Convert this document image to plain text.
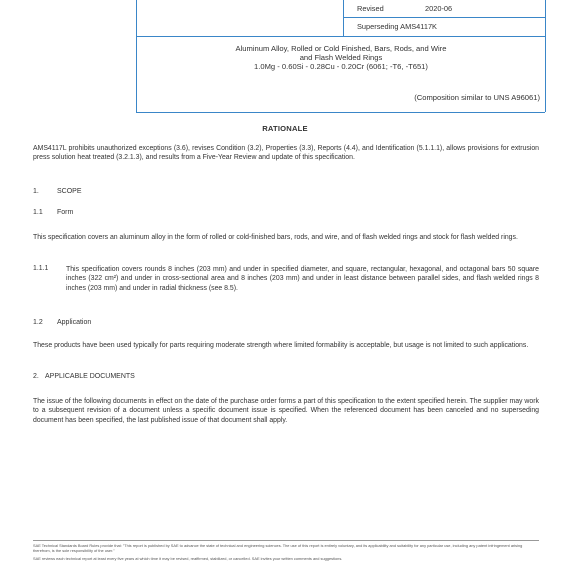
Revised	2020-06
Superseding AMS4117K
Aluminum Alloy, Rolled or Cold Finished, Bars, Rods, and Wire
and Flash Welded Rings
1.0Mg - 0.60Si - 0.28Cu - 0.20Cr (6061; -T6, -T651)
(Composition similar to UNS A96061)
RATIONALE
AMS4117L prohibits unauthorized exceptions (3.6), revises Condition (3.2), Properties (3.3), Reports (4.4), and Identification (5.1.1.1), allows provisions for extrusion press solution heat treated (3.2.1.3), and results from a Five-Year Review and update of this specification.
1.	SCOPE
1.1 Form
This specification covers an aluminum alloy in the form of rolled or cold-finished bars, rods, and wire, and of flash welded rings and stock for flash welded rings.
1.1.1	This specification covers rounds 8 inches (203 mm) and under in specified diameter, and square, rectangular, hexagonal, and octagonal bars 50 square inches (322 cm²) and under in cross-sectional area and 8 inches (203 mm) and under in least distance between parallel sides, and flash welded rings 8 inches (203 mm) and under in radial thickness (see 8.5).
1.2 Application
These products have been used typically for parts requiring moderate strength where limited formability is acceptable, but usage is not limited to such applications.
2. APPLICABLE DOCUMENTS
The issue of the following documents in effect on the date of the purchase order forms a part of this specification to the extent specified herein. The supplier may work to a subsequent revision of a document unless a specific document issue is specified. When the referenced document has been canceled and no superseding document has been specified, the last published issue of that document shall apply.
SAE Technical Standards Board Rules provide that: "This report is published by SAE to advance the state of technical and engineering sciences. The use of this report is entirely voluntary, and its applicability and suitability for any particular use, including any patent infringement arising therefrom, is the sole responsibility of the user."
SAE reviews each technical report at least every five years at which time it may be revised, reaffirmed, stabilized, or cancelled. SAE invites your written comments and suggestions.
